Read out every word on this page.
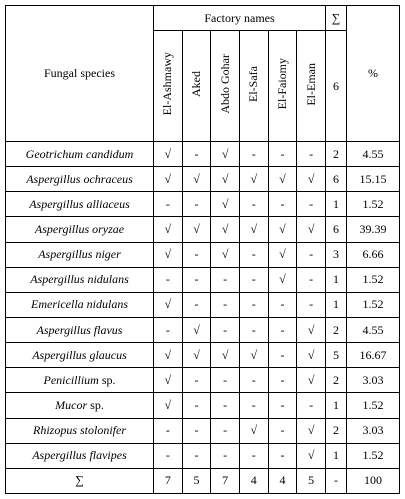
Fungal species	Factory names						∑	%
	El-Ashmawy	Aked	Abdo Gohar	El-Safa	El-Faiomy	El-Eman	6	
Geotrichum candidum	√	-	√	-	-	-	2	4.55
Aspergillus ochraceus	√	√	√	√	√	√	6	15.15
Aspergillus alliaceus	-	-	√	-	-	-	1	1.52
Aspergillus oryzae	√	√	√	√	√	√	6	39.39
Aspergillus niger	√	-	√	-	√	-	3	6.66
Aspergillus nidulans	-	-	-	-	√	-	1	1.52
Emericella nidulans	√	-	-	-	-	-	1	1.52
Aspergillus flavus	-	√	-	-	-	√	2	4.55
Aspergillus glaucus	√	√	√	√	-	√	5	16.67
Penicillium sp.	√	-	-	-	-	√	2	3.03
Mucor sp.	√	-	-	-	-	-	1	1.52
Rhizopus stolonifer	-	-	-	√	-	√	2	3.03
Aspergillus flavipes	-	-	-	-	-	√	1	1.52
∑	7	5	7	4	4	5	-	100
